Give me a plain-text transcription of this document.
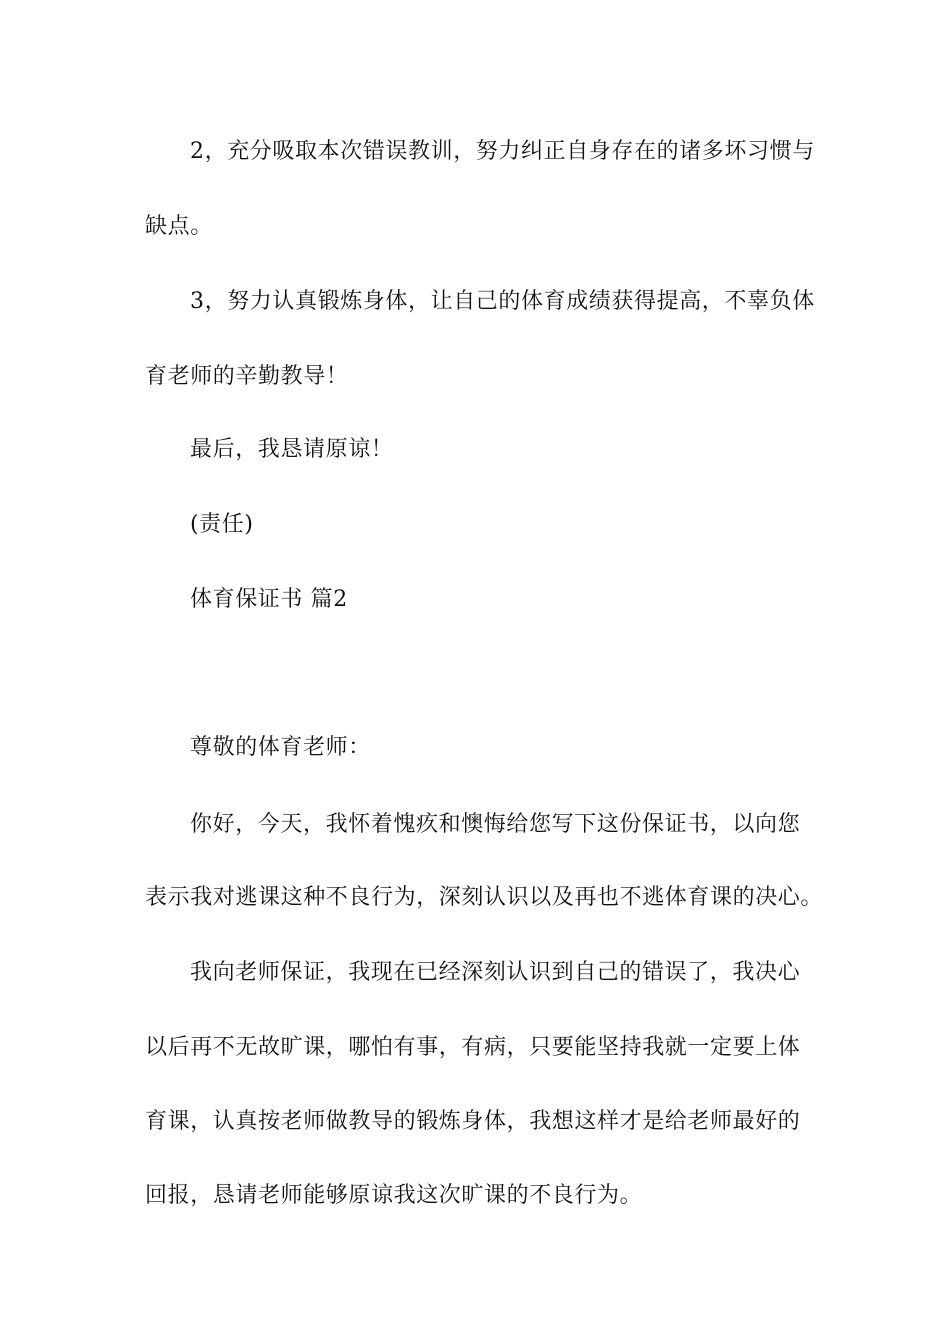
2，充分吸取本次错误教训，努力纠正自身存在的诸多坏习惯与

缺点。

3，努力认真锻炼身体，让自己的体育成绩获得提高，不辜负体

育老师的辛勤教导！

最后，我恳请原谅！

(责任)

体育保证书 篇2

尊敬的体育老师：

你好，今天，我怀着愧疚和懊悔给您写下这份保证书，以向您

表示我对逃课这种不良行为，深刻认识以及再也不逃体育课的决心。

我向老师保证，我现在已经深刻认识到自己的错误了，我决心

以后再不无故旷课，哪怕有事，有病，只要能坚持我就一定要上体

育课，认真按老师做教导的锻炼身体，我想这样才是给老师最好的

回报，恳请老师能够原谅我这次旷课的不良行为。
